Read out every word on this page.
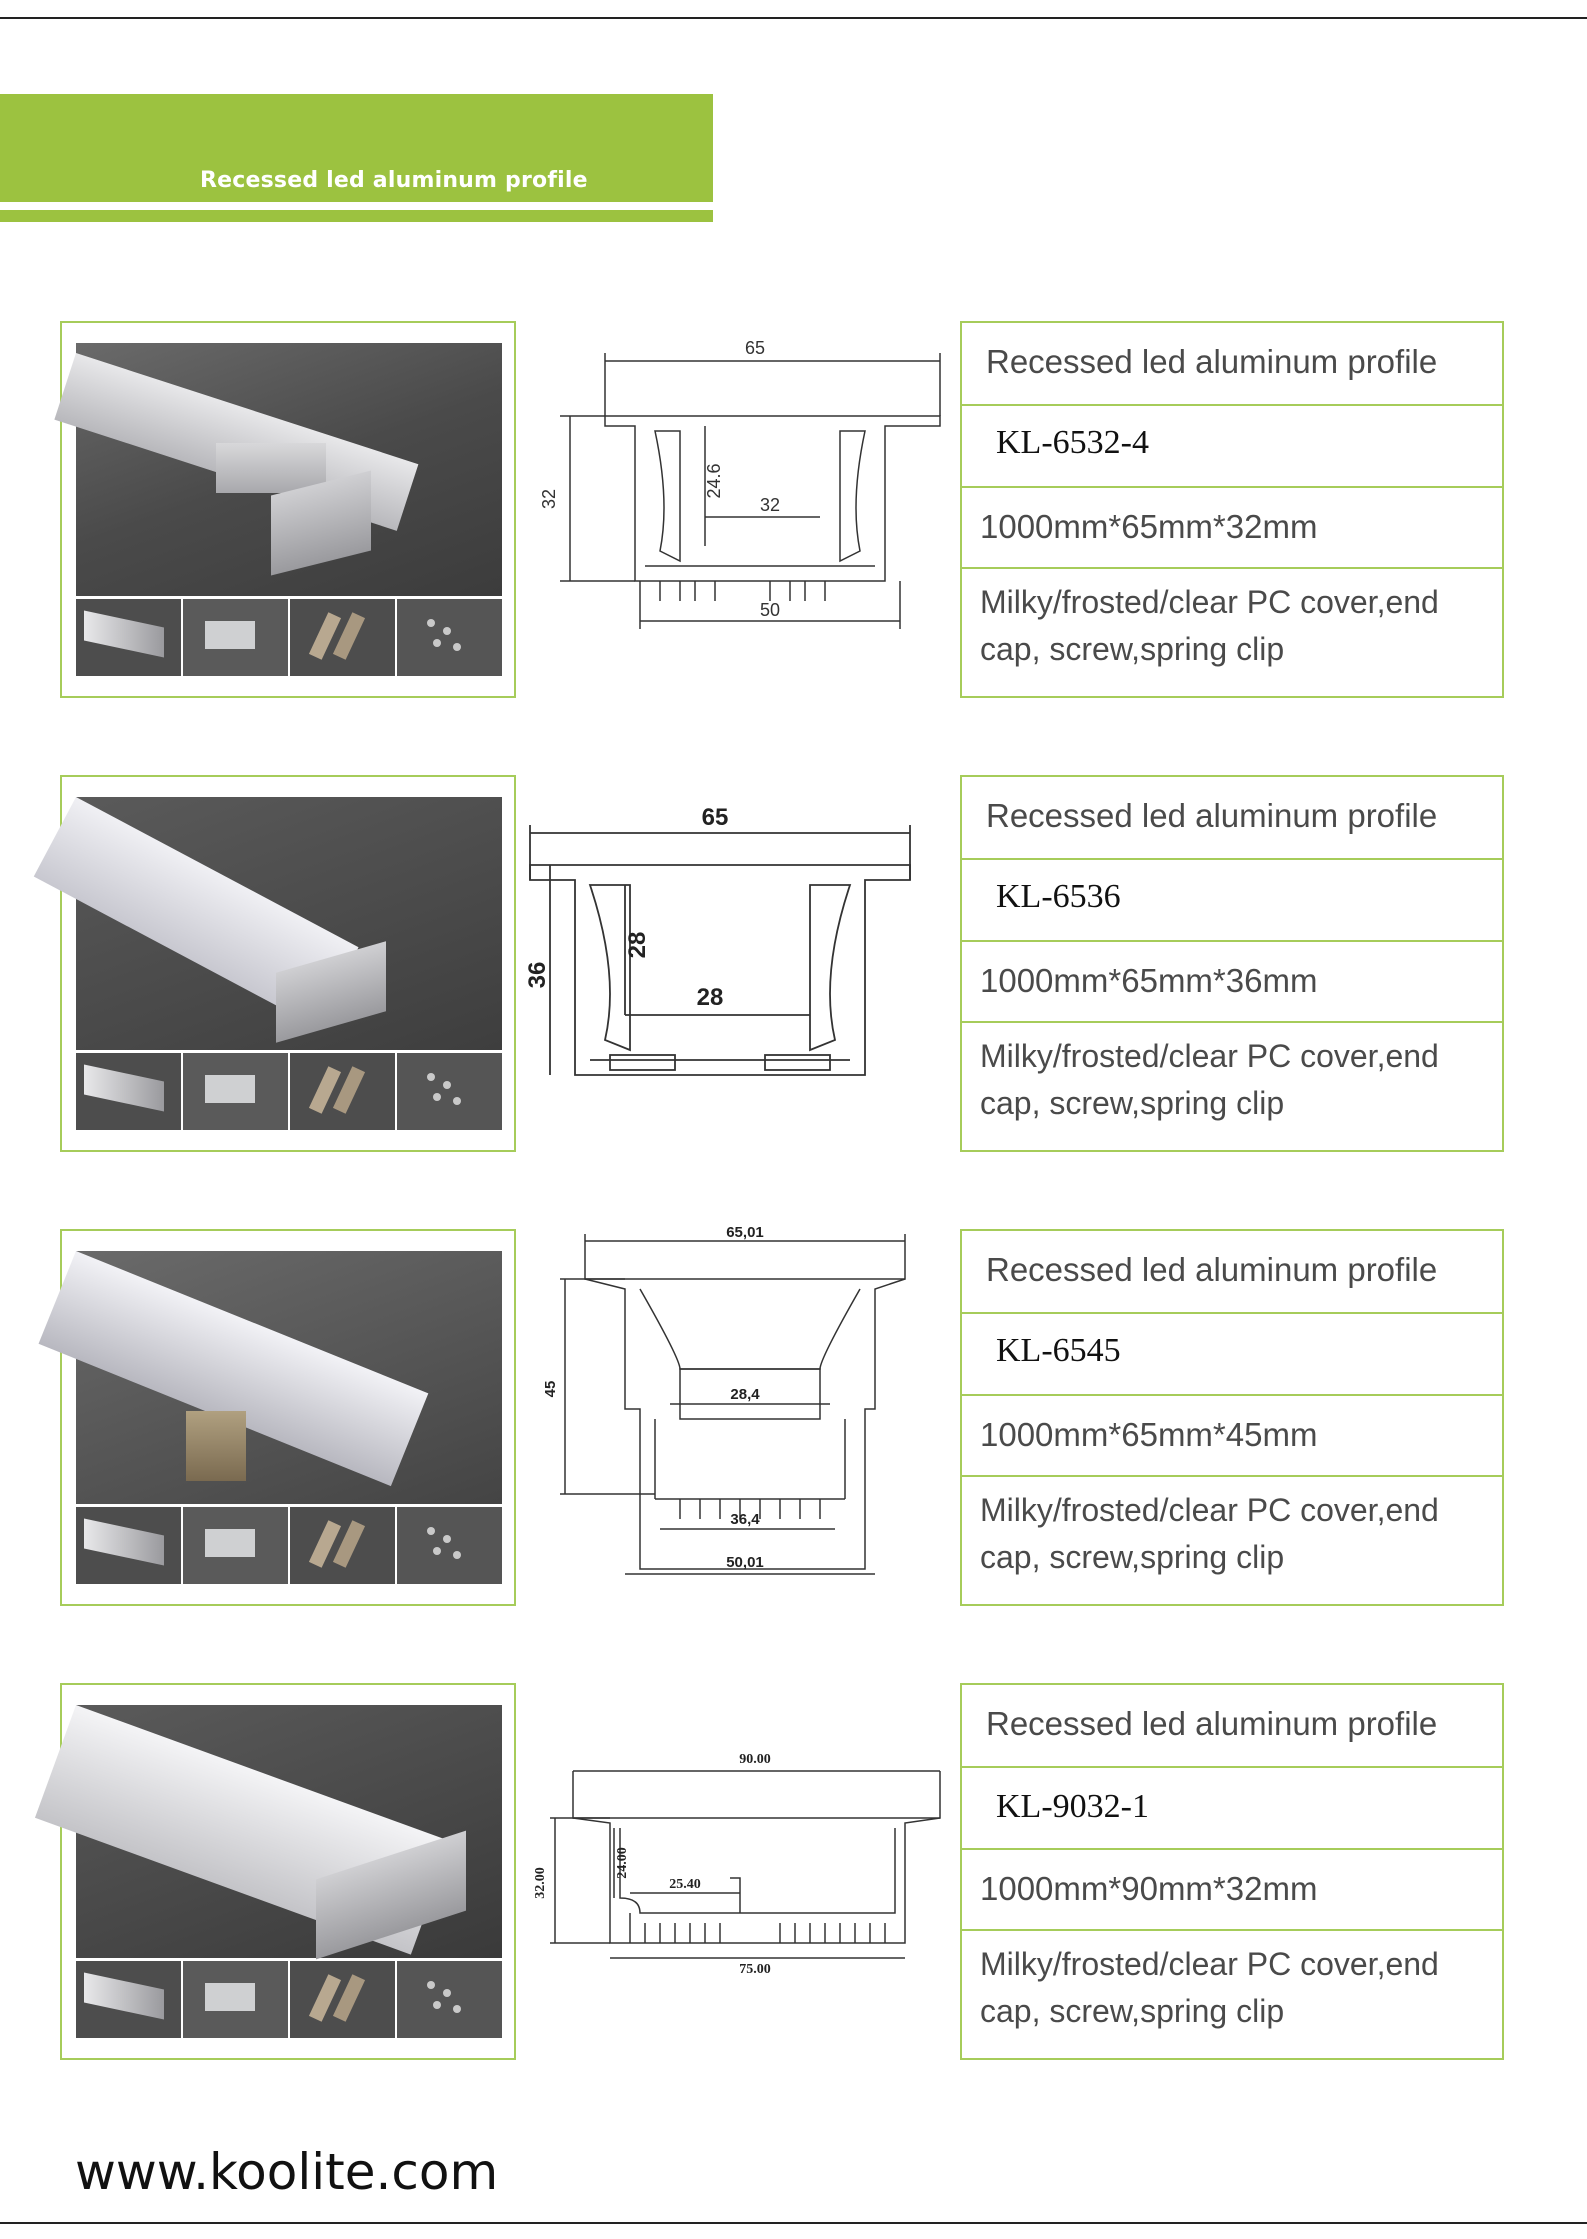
Recessed led aluminum profile
65
32
24.6
32
50
Recessed led aluminum profile
KL-6532-4
1000mm*65mm*32mm
Milky/frosted/clear PC cover,end cap, screw,spring clip
65
36
28
28
Recessed led aluminum profile
KL-6536
1000mm*65mm*36mm
Milky/frosted/clear PC cover,end cap, screw,spring clip
65,01
45	28,4
36,4
50,01
Recessed led aluminum profile
KL-6545
1000mm*65mm*45mm
Milky/frosted/clear PC cover,end cap, screw,spring clip
90.00
32.00
24.00
25.40
75.00
Recessed led aluminum profile
KL-9032-1
1000mm*90mm*32mm
Milky/frosted/clear PC cover,end cap, screw,spring clip
www.koolite.com
